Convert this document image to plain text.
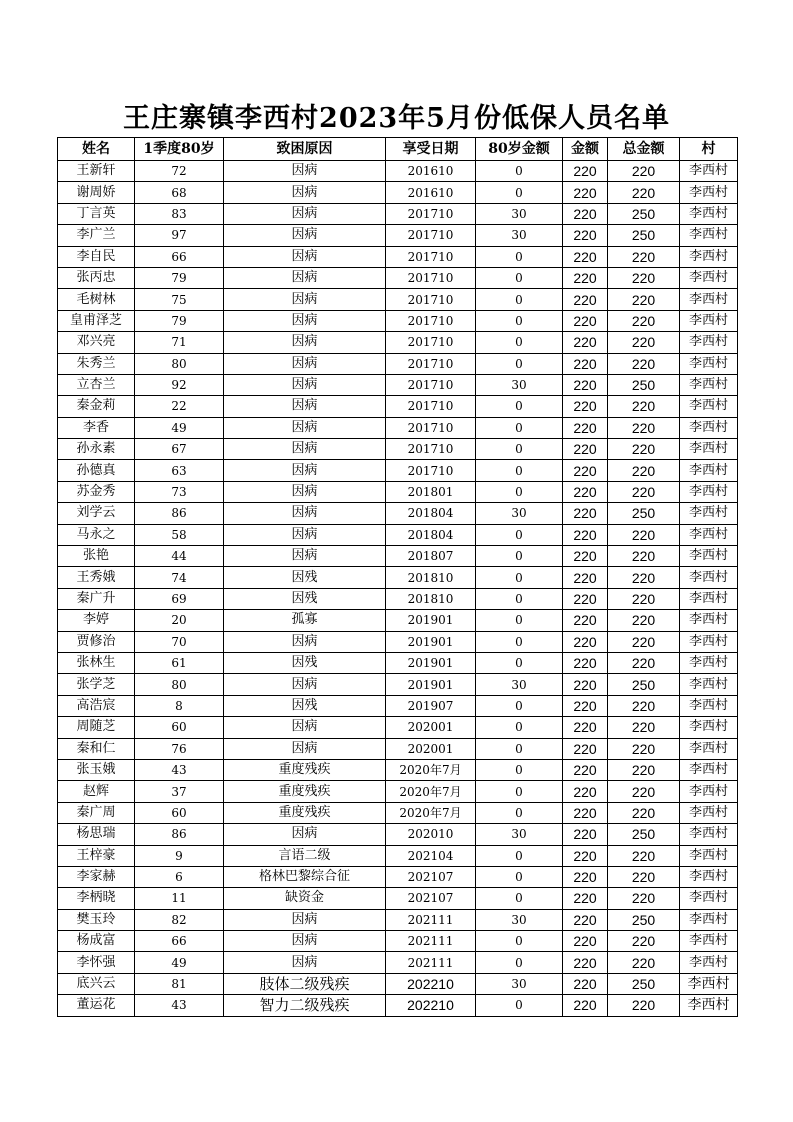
王庄寨镇李西村2023年5月份低保人员名单
姓名	1季度80岁	致困原因	享受日期	80岁金额	金额	总金额	村
王新轩	72	因病	201610	0	220	220	李西村
谢周娇	68	因病	201610	0	220	220	李西村
丁言英	83	因病	201710	30	220	250	李西村
李广兰	97	因病	201710	30	220	250	李西村
李自民	66	因病	201710	0	220	220	李西村
张丙忠	79	因病	201710	0	220	220	李西村
毛树林	75	因病	201710	0	220	220	李西村
皇甫泽芝	79	因病	201710	0	220	220	李西村
邓兴亮	71	因病	201710	0	220	220	李西村
朱秀兰	80	因病	201710	0	220	220	李西村
立杏兰	92	因病	201710	30	220	250	李西村
秦金莉	22	因病	201710	0	220	220	李西村
李香	49	因病	201710	0	220	220	李西村
孙永素	67	因病	201710	0	220	220	李西村
孙德真	63	因病	201710	0	220	220	李西村
苏金秀	73	因病	201801	0	220	220	李西村
刘学云	86	因病	201804	30	220	250	李西村
马永之	58	因病	201804	0	220	220	李西村
张艳	44	因病	201807	0	220	220	李西村
王秀娥	74	因残	201810	0	220	220	李西村
秦广升	69	因残	201810	0	220	220	李西村
李婷	20	孤寡	201901	0	220	220	李西村
贾修治	70	因病	201901	0	220	220	李西村
张林生	61	因残	201901	0	220	220	李西村
张学芝	80	因病	201901	30	220	250	李西村
高浩宸	8	因残	201907	0	220	220	李西村
周随芝	60	因病	202001	0	220	220	李西村
秦和仁	76	因病	202001	0	220	220	李西村
张玉娥	43	重度残疾	2020年7月	0	220	220	李西村
赵辉	37	重度残疾	2020年7月	0	220	220	李西村
秦广周	60	重度残疾	2020年7月	0	220	220	李西村
杨思瑞	86	因病	202010	30	220	250	李西村
王梓豪	9	言语二级	202104	0	220	220	李西村
李家赫	6	格林巴黎综合征	202107	0	220	220	李西村
李柄晓	11	缺资金	202107	0	220	220	李西村
樊玉玲	82	因病	202111	30	220	250	李西村
杨成富	66	因病	202111	0	220	220	李西村
李怀强	49	因病	202111	0	220	220	李西村
底兴云	81	肢体二级残疾	202210	30	220	250	李西村
董运花	43	智力二级残疾	202210	0	220	220	李西村
